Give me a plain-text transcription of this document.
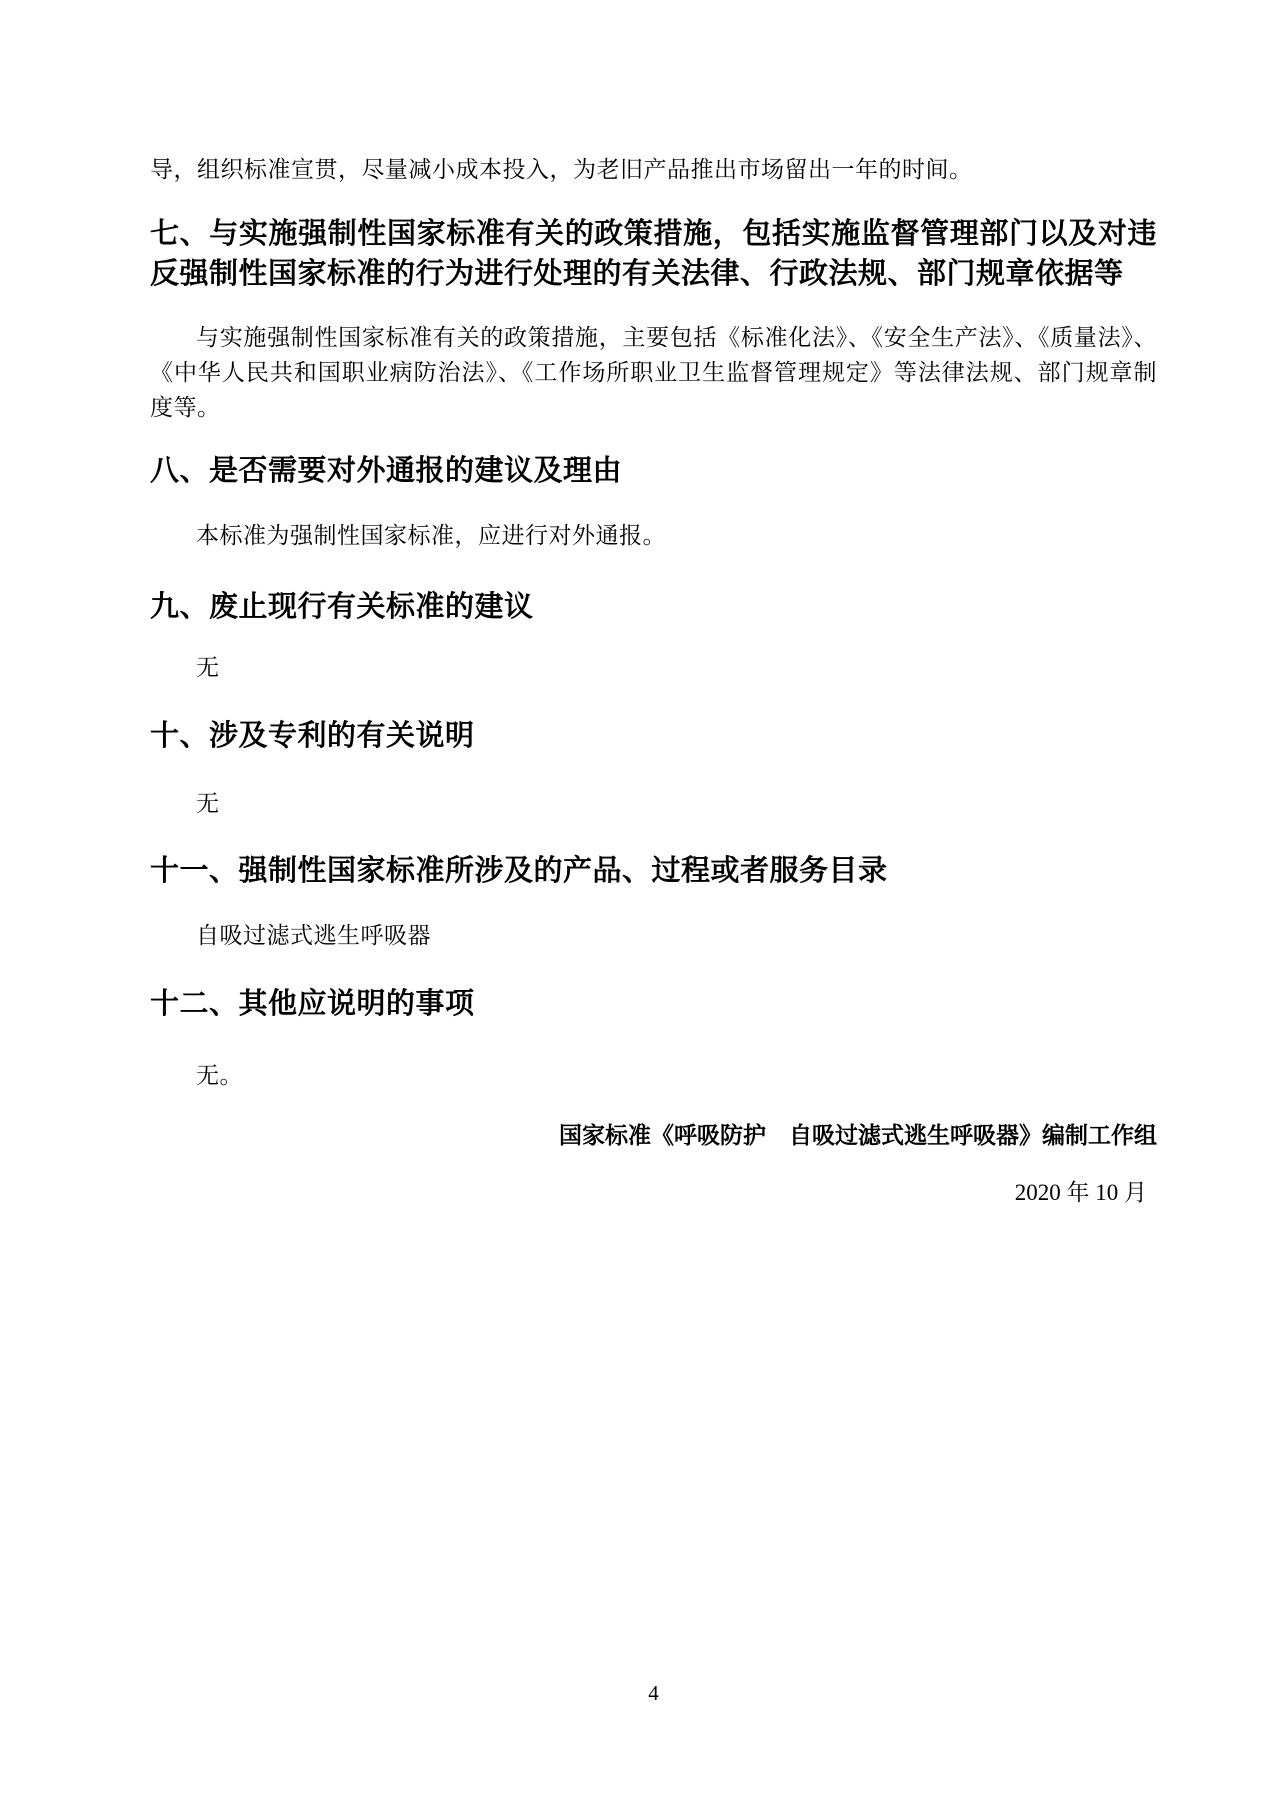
导，组织标准宣贯，尽量减小成本投入，为老旧产品推出市场留出一年的时间。

七、与实施强制性国家标准有关的政策措施，包括实施监督管理部门以及对违反强制性国家标准的行为进行处理的有关法律、行政法规、部门规章依据等

与实施强制性国家标准有关的政策措施，主要包括《标准化法》、《安全生产法》、《质量法》、《中华人民共和国职业病防治法》、《工作场所职业卫生监督管理规定》等法律法规、部门规章制度等。

八、是否需要对外通报的建议及理由

本标准为强制性国家标准，应进行对外通报。

九、废止现行有关标准的建议

无

十、涉及专利的有关说明

无

十一、强制性国家标准所涉及的产品、过程或者服务目录

自吸过滤式逃生呼吸器

十二、其他应说明的事项

无。

国家标准《呼吸防护　自吸过滤式逃生呼吸器》编制工作组

2020 年 10 月

4
